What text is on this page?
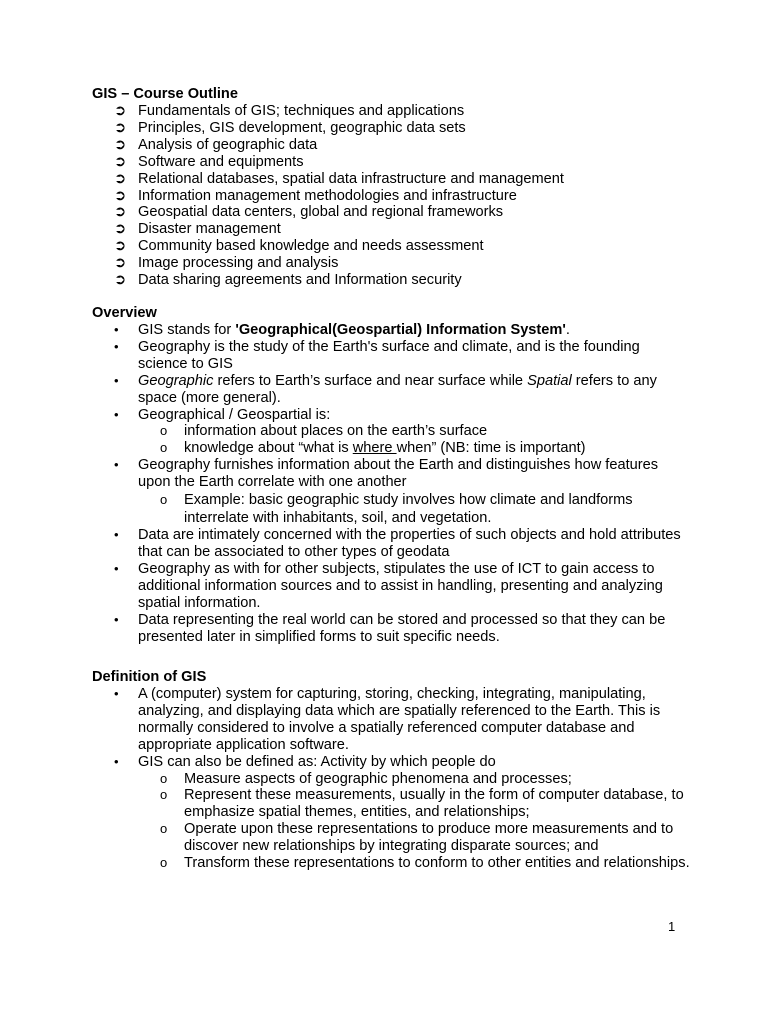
GIS – Course Outline

➲ Fundamentals of GIS; techniques and applications
➲ Principles, GIS development, geographic data sets
➲ Analysis of geographic data
➲ Software and equipments
➲ Relational databases, spatial data infrastructure and management
➲ Information management methodologies and infrastructure
➲ Geospatial data centers, global and regional frameworks
➲ Disaster management
➲ Community based knowledge and needs assessment
➲ Image processing and analysis
➲ Data sharing agreements and Information security

Overview

• GIS stands for 'Geographical(Geospartial) Information System'.
• Geography is the study of the Earth's surface and climate, and is the founding science to GIS
• Geographic refers to Earth’s surface and near surface while Spatial refers to any space (more general).
• Geographical / Geospartial is:
o information about places on the earth’s surface
o knowledge about “what is where when” (NB: time is important)
• Geography furnishes information about the Earth and distinguishes how features upon the Earth correlate with one another
o Example: basic geographic study involves how climate and landforms interrelate with inhabitants, soil, and vegetation.
• Data are intimately concerned with the properties of such objects and hold attributes that can be associated to other types of geodata
• Geography as with for other subjects, stipulates the use of ICT to gain access to additional information sources and to assist in handling, presenting and analyzing spatial information.
• Data representing the real world can be stored and processed so that they can be presented later in simplified forms to suit specific needs.

Definition of GIS

• A (computer) system for capturing, storing, checking, integrating, manipulating, analyzing, and displaying data which are spatially referenced to the Earth. This is normally considered to involve a spatially referenced computer database and appropriate application software.
• GIS can also be defined as: Activity by which people do
o Measure aspects of geographic phenomena and processes;
o Represent these measurements, usually in the form of computer database, to emphasize spatial themes, entities, and relationships;
o Operate upon these representations to produce more measurements and to discover new relationships by integrating disparate sources; and
o Transform these representations to conform to other entities and relationships.
1
